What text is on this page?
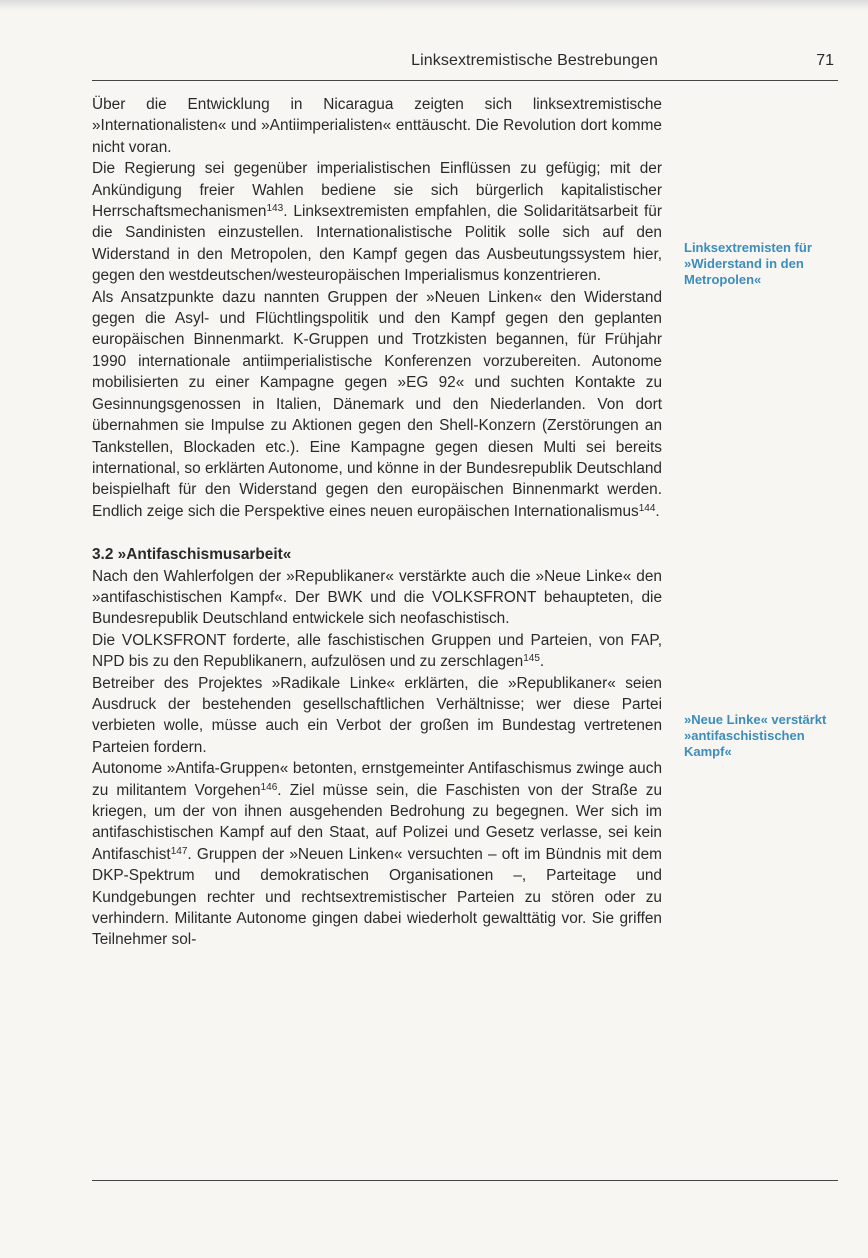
Linksextremistische Bestrebungen	71

Über die Entwicklung in Nicaragua zeigten sich linksextremistische »Internationalisten« und »Antiimperialisten« enttäuscht. Die Revolution dort komme nicht voran.

Die Regierung sei gegenüber imperialistischen Einflüssen zu gefügig; mit der Ankündigung freier Wahlen bediene sie sich bürgerlich kapitalistischer Herrschaftsmechanismen$^{143}$. Linksextremisten empfahlen, die Solidaritätsarbeit für die Sandinisten einzustellen. Internationalistische Politik solle sich auf den Widerstand in den Metropolen, den Kampf gegen das Ausbeutungssystem hier, gegen den westdeutschen/westeuropäischen Imperialismus konzentrieren.

Als Ansatzpunkte dazu nannten Gruppen der »Neuen Linken« den Widerstand gegen die Asyl- und Flüchtlingspolitik und den Kampf gegen den geplanten europäischen Binnenmarkt. K-Gruppen und Trotzkisten begannen, für Frühjahr 1990 internationale antiimperialistische Konferenzen vorzubereiten. Autonome mobilisierten zu einer Kampagne gegen »EG 92« und suchten Kontakte zu Gesinnungsgenossen in Italien, Dänemark und den Niederlanden. Von dort übernahmen sie Impulse zu Aktionen gegen den Shell-Konzern (Zerstörungen an Tankstellen, Blockaden etc.). Eine Kampagne gegen diesen Multi sei bereits international, so erklärten Autonome, und könne in der Bundesrepublik Deutschland beispielhaft für den Widerstand gegen den europäischen Binnenmarkt werden. Endlich zeige sich die Perspektive eines neuen europäischen Internationalismus$^{144}$.

3.2 »Antifaschismusarbeit«

Nach den Wahlerfolgen der »Republikaner« verstärkte auch die »Neue Linke« den »antifaschistischen Kampf«. Der BWK und die VOLKSFRONT behaupteten, die Bundesrepublik Deutschland entwickele sich neofaschistisch.

Die VOLKSFRONT forderte, alle faschistischen Gruppen und Parteien, von FAP, NPD bis zu den Republikanern, aufzulösen und zu zerschlagen$^{145}$.

Betreiber des Projektes »Radikale Linke« erklärten, die »Republikaner« seien Ausdruck der bestehenden gesellschaftlichen Verhältnisse; wer diese Partei verbieten wolle, müsse auch ein Verbot der großen im Bundestag vertretenen Parteien fordern.

Autonome »Antifa-Gruppen« betonten, ernstgemeinter Antifaschismus zwinge auch zu militantem Vorgehen$^{146}$. Ziel müsse sein, die Faschisten von der Straße zu kriegen, um der von ihnen ausgehenden Bedrohung zu begegnen. Wer sich im antifaschistischen Kampf auf den Staat, auf Polizei und Gesetz verlasse, sei kein Antifaschist$^{147}$. Gruppen der »Neuen Linken« versuchten – oft im Bündnis mit dem DKP-Spektrum und demokratischen Organisationen –, Parteitage und Kundgebungen rechter und rechtsextremistischer Parteien zu stören oder zu verhindern. Militante Autonome gingen dabei wiederholt gewalttätig vor. Sie griffen Teilnehmer sol-

Linksextremisten für »Widerstand in den Metropolen«
»Neue Linke« verstärkt »antifaschistischen Kampf«
